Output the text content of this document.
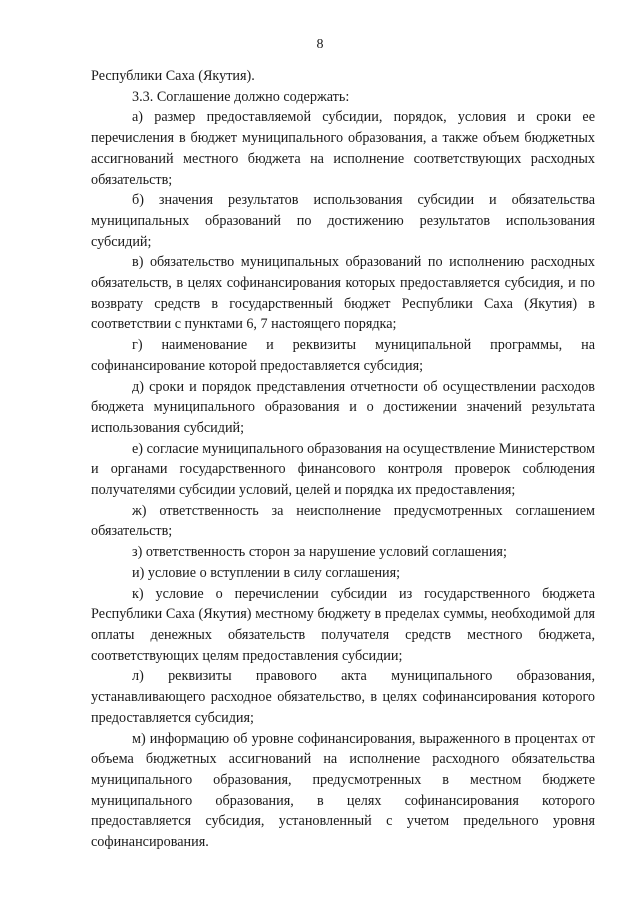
8

Республики Саха (Якутия).

3.3. Соглашение должно содержать:

а) размер предоставляемой субсидии, порядок, условия и сроки ее перечисления в бюджет муниципального образования, а также объем бюджетных ассигнований местного бюджета на исполнение соответствующих расходных обязательств;

б) значения результатов использования субсидии и обязательства муниципальных образований по достижению результатов использования субсидий;

в) обязательство муниципальных образований по исполнению расходных обязательств, в целях софинансирования которых предоставляется субсидия, и по возврату средств в государственный бюджет Республики Саха (Якутия) в соответствии с пунктами 6, 7 настоящего порядка;

г) наименование и реквизиты муниципальной программы, на софинансирование которой предоставляется субсидия;

д) сроки и порядок представления отчетности об осуществлении расходов бюджета муниципального образования и о достижении значений результата использования субсидий;

е) согласие муниципального образования на осуществление Министерством и органами государственного финансового контроля проверок соблюдения получателями субсидии условий, целей и порядка их предоставления;

ж) ответственность за неисполнение предусмотренных соглашением обязательств;

з) ответственность сторон за нарушение условий соглашения;

и) условие о вступлении в силу соглашения;

к) условие о перечислении субсидии из государственного бюджета Республики Саха (Якутия) местному бюджету в пределах суммы, необходимой для оплаты денежных обязательств получателя средств местного бюджета, соответствующих целям предоставления субсидии;

л) реквизиты правового акта муниципального образования, устанавливающего расходное обязательство, в целях софинансирования которого предоставляется субсидия;

м) информацию об уровне софинансирования, выраженного в процентах от объема бюджетных ассигнований на исполнение расходного обязательства муниципального образования, предусмотренных в местном бюджете муниципального образования, в целях софинансирования которого предоставляется субсидия, установленный с учетом предельного уровня софинансирования.
